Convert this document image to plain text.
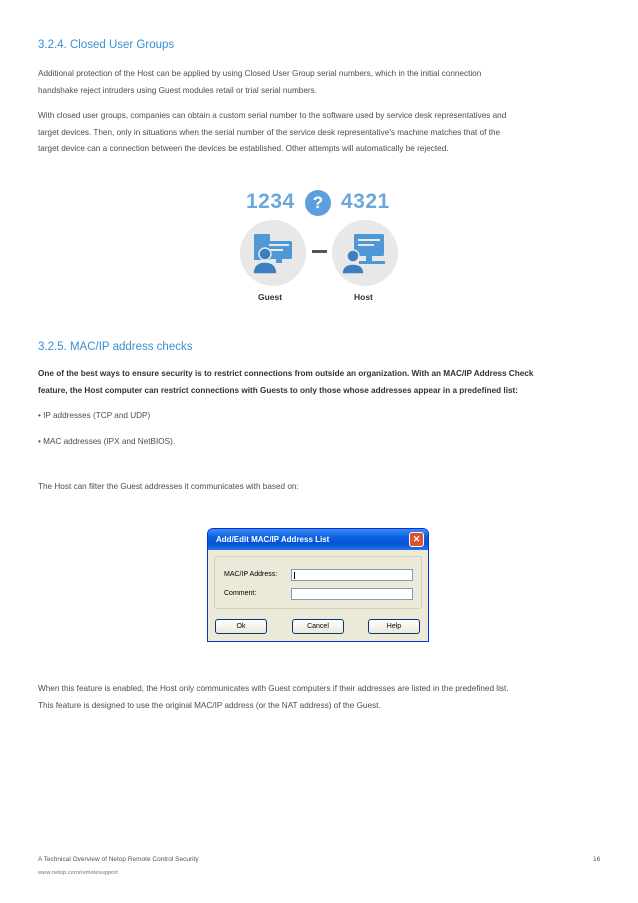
3.2.4. Closed User Groups
Additional protection of the Host can be applied by using Closed User Group serial numbers, which in the initial connection
handshake reject intruders using Guest modules retail or trial serial numbers.
With closed user groups, companies can obtain a custom serial number to the software used by service desk representatives and
target devices. Then, only in situations when the serial number of the service desk representative’s machine matches that of the
target device can a connection between the devices be established. Other attempts will automatically be rejected.
1234	? 4321
Guest	Host
3.2.5. MAC/IP address checks
One of the best ways to ensure security is to restrict connections from outside an organization. With an MAC/IP Address Check
feature, the Host computer can restrict connections with Guests to only those whose addresses appear in a predefined list:
• IP addresses (TCP and UDP)
• MAC addresses (IPX and NetBIOS).
The Host can filter the Guest addresses it communicates with based on:
Add/Edit MAC/IP Address List	✕
MAC/IP Address:
Comment:
Ok	Cancel	Help
When this feature is enabled, the Host only communicates with Guest computers if their addresses are listed in the predefined list.
This feature is designed to use the original MAC/IP address (or the NAT address) of the Guest.
A Technical Overview of Netop Remote Control Security
www.netop.com/remotesupport
16
